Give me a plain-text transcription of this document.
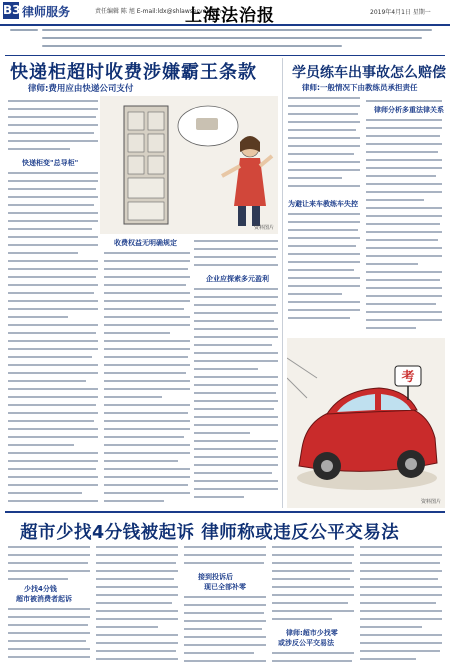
B3 律师服务	责任编辑 陈 旭 E-mail:ldx@shlawserve.com
上海法治报	2019年4月1日 星期一
快递柜超时收费涉嫌霸王条款
律师:费用应由快递公司支付
学员练车出事故怎么赔偿
律师:一般情况下由教练员承担责任
资料图片
快递柜变"总导柜"
收费权益无明确规定
企业应探索多元盈利
为避让来车教练车失控
律师分析多重法律关系
考
资料图片
超市少找4分钱被起诉 律师称或违反公平交易法
少找4分钱
超市被消费者起诉
接到投诉后
现已全部补零
律师:超市少找零
或涉反公平交易法
